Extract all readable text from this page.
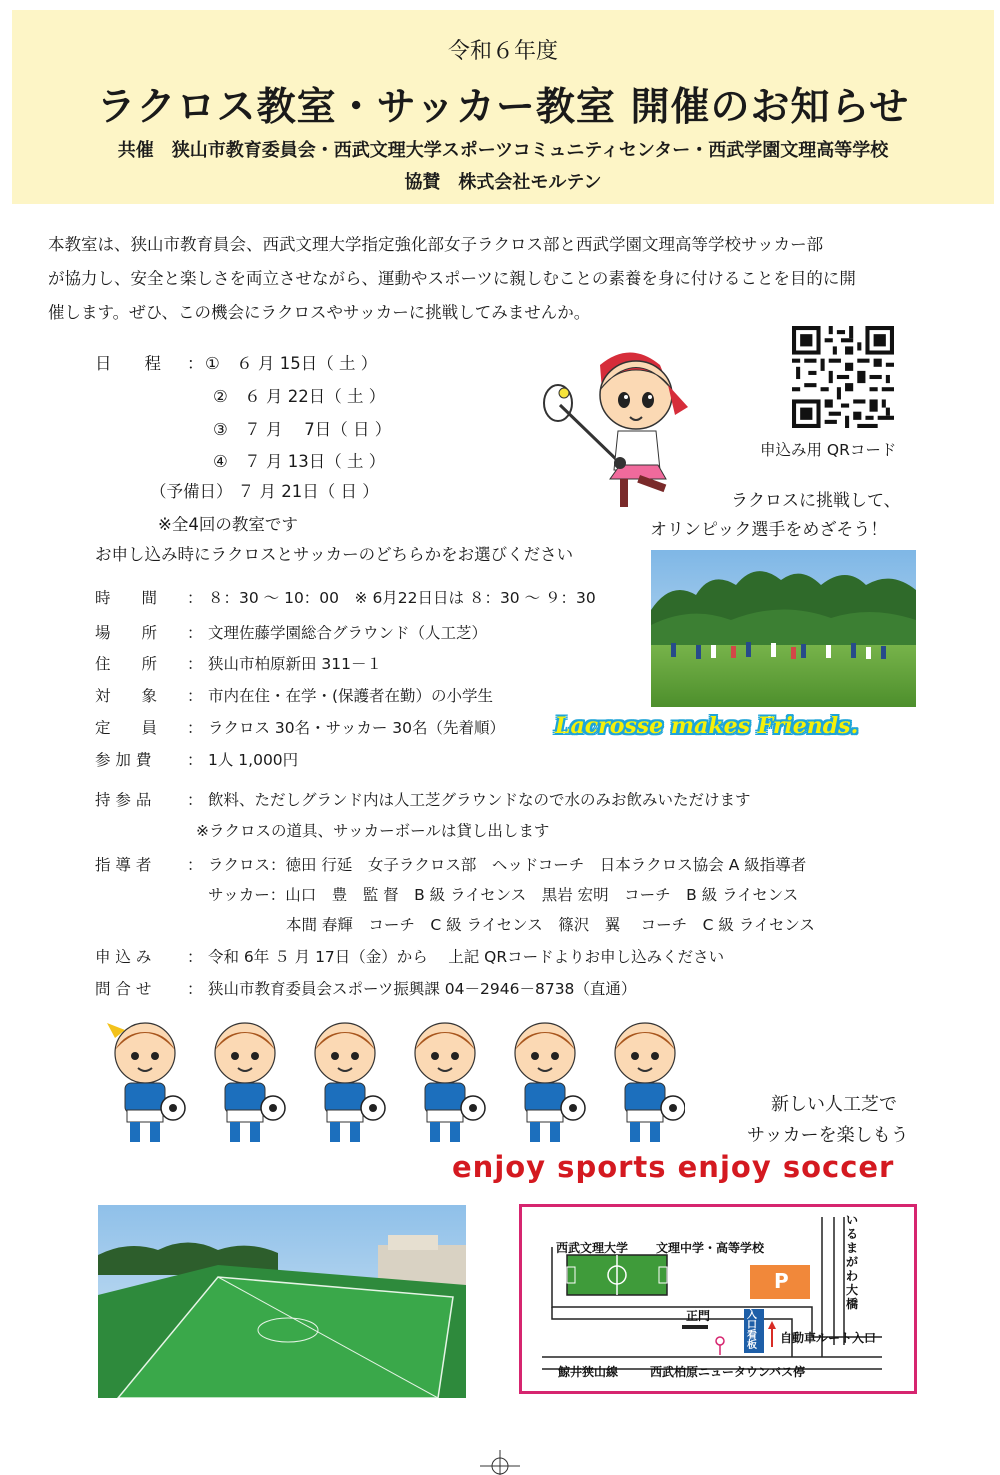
令和６年度
ラクロス教室・サッカー教室 開催のお知らせ
共催　狭山市教育委員会・西武文理大学スポーツコミュニティセンター・西武学園文理高等学校
協賛　株式会社モルテン
本教室は、狭山市教育員会、西武文理大学指定強化部女子ラクロス部と西武学園文理高等学校サッカー部
が協力し、安全と楽しさを両立させながら、運動やスポーツに親しむことの素養を身に付けることを目的に開
催します。ぜひ、この機会にラクロスやサッカーに挑戦してみませんか。
日　　程 ： ①　６ 月 15日（ 土 ）
②　６ 月 22日（ 土 ）
③　７ 月　 7日（ 日 ）
④　７ 月 13日（ 土 ）
（予備日） ７ 月 21日（ 日 ）
※全4回の教室です
お申し込み時にラクロスとサッカーのどちらかをお選びください
時　　間 ： ８：30 ～ 10：00　※ 6月22日日は ８：30 ～ ９：30
場　　所 ： 文理佐藤学園総合グラウンド（人工芝）
住　　所 ： 狭山市柏原新田 311－１
対　　象 ： 市内在住・在学・(保護者在勤）の小学生
定　　員 ： ラクロス 30名・サッカー 30名（先着順）
参 加 費 ： 1人 1,000円
持 参 品 ： 飲料、ただしグランド内は人工芝グラウンドなので水のみお飲みいただけます
※ラクロスの道具、サッカーボールは貸し出します
指 導 者 ： ラクロス：徳田 行延　女子ラクロス部　ヘッドコーチ　日本ラクロス協会 A 級指導者
サッカー：山口　豊　監 督　B 級 ライセンス　黒岩 宏明　コーチ　B 級 ライセンス
本間 春輝　コーチ　C 級 ライセンス　篠沢　翼　 コーチ　C 級 ライセンス
申 込 み ： 令和 6年 ５ 月 17日（金）から　 上記 QRコードよりお申し込みください
問 合 せ ： 狭山市教育委員会スポーツ振興課 04－2946－8738（直通）
申込み用 QRコード
ラクロスに挑戦して、
オリンピック選手をめざそう！
Lacrosse makes Friends.
新しい人工芝で
サッカーを楽しもう
enjoy sports enjoy soccer
西武文理大学 文理中学・高等学校
いるまがわ大橋
P
正門	入口看板
自動車ルート入口
鯨井狭山線	西武柏原ニュータウンバス停
